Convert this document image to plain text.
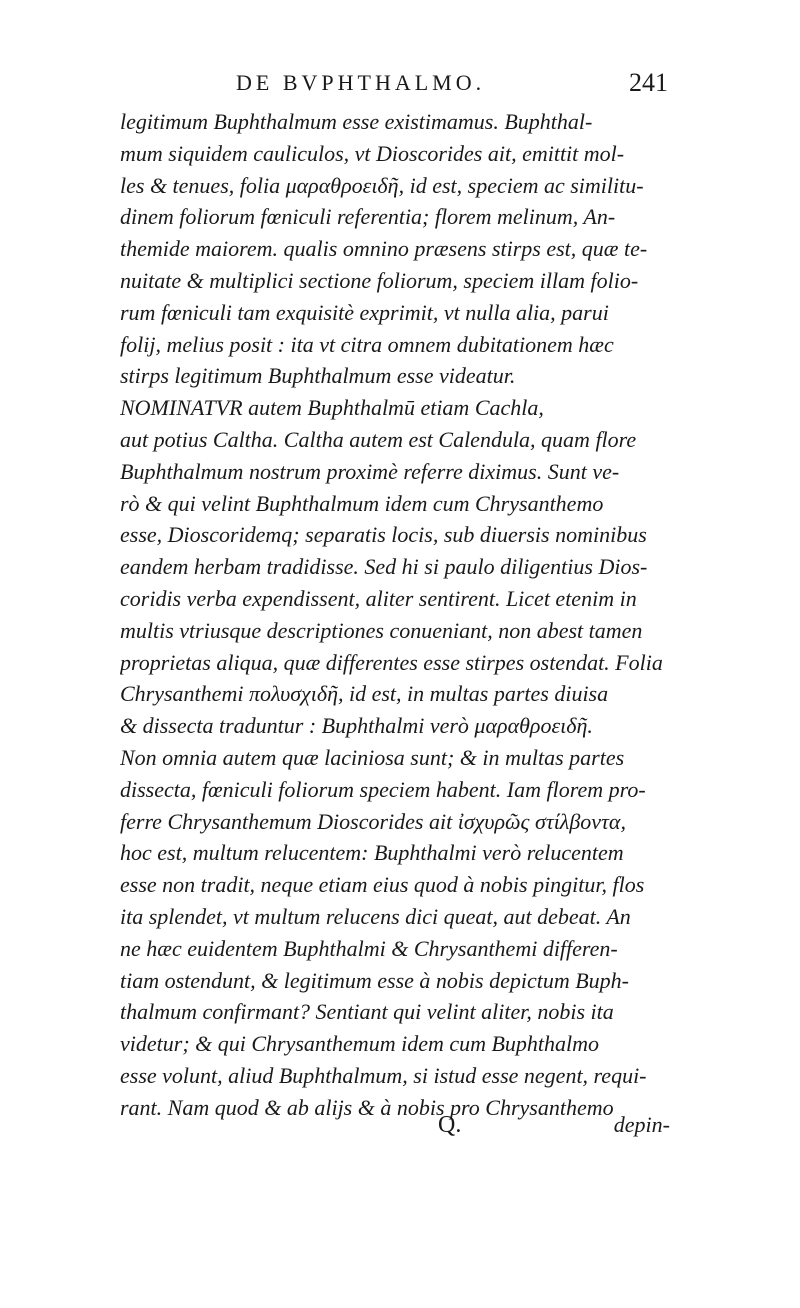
DE BVPHTHALMO.	241
legitimum Buphthalmum esse existimamus. Buphthal-
mum siquidem cauliculos, vt Dioscorides ait, emittit mol-
les & tenues, folia μαραθροειδῆ, id est, speciem ac similitu-
dinem foliorum fœniculi referentia; florem melinum, An-
themide maiorem. qualis omnino præsens stirps est, quæ te-
nuitate & multiplici sectione foliorum, speciem illam folio-
rum fœniculi tam exquisitè exprimit, vt nulla alia, parui
folij, melius posit : ita vt citra omnem dubitationem hæc
stirps legitimum Buphthalmum esse videatur.
NOMINATVR autem Buphthalmū etiam Cachla,
aut potius Caltha. Caltha autem est Calendula, quam flore
Buphthalmum nostrum proximè referre diximus. Sunt ve-
rò & qui velint Buphthalmum idem cum Chrysanthemo
esse, Dioscoridemq; separatis locis, sub diuersis nominibus
eandem herbam tradidisse. Sed hi si paulo diligentius Dios-
coridis verba expendissent, aliter sentirent. Licet etenim in
multis vtriusque descriptiones conueniant, non abest tamen
proprietas aliqua, quæ differentes esse stirpes ostendat. Folia
Chrysanthemi πολυσχιδῆ, id est, in multas partes diuisa
& dissecta traduntur : Buphthalmi verò μαραθροειδῆ.
Non omnia autem quæ laciniosa sunt; & in multas partes
dissecta, fœniculi foliorum speciem habent. Iam florem pro-
ferre Chrysanthemum Dioscorides ait ἰσχυρῶς στίλβοντα,
hoc est, multum relucentem: Buphthalmi verò relucentem
esse non tradit, neque etiam eius quod à nobis pingitur, flos
ita splendet, vt multum relucens dici queat, aut debeat. An
ne hæc euidentem Buphthalmi & Chrysanthemi differen-
tiam ostendunt, & legitimum esse à nobis depictum Buph-
thalmum confirmant? Sentiant qui velint aliter, nobis ita
videtur; & qui Chrysanthemum idem cum Buphthalmo
esse volunt, aliud Buphthalmum, si istud esse negent, requi-
rant. Nam quod & ab alijs & à nobis pro Chrysanthemo
Q.	depin-
